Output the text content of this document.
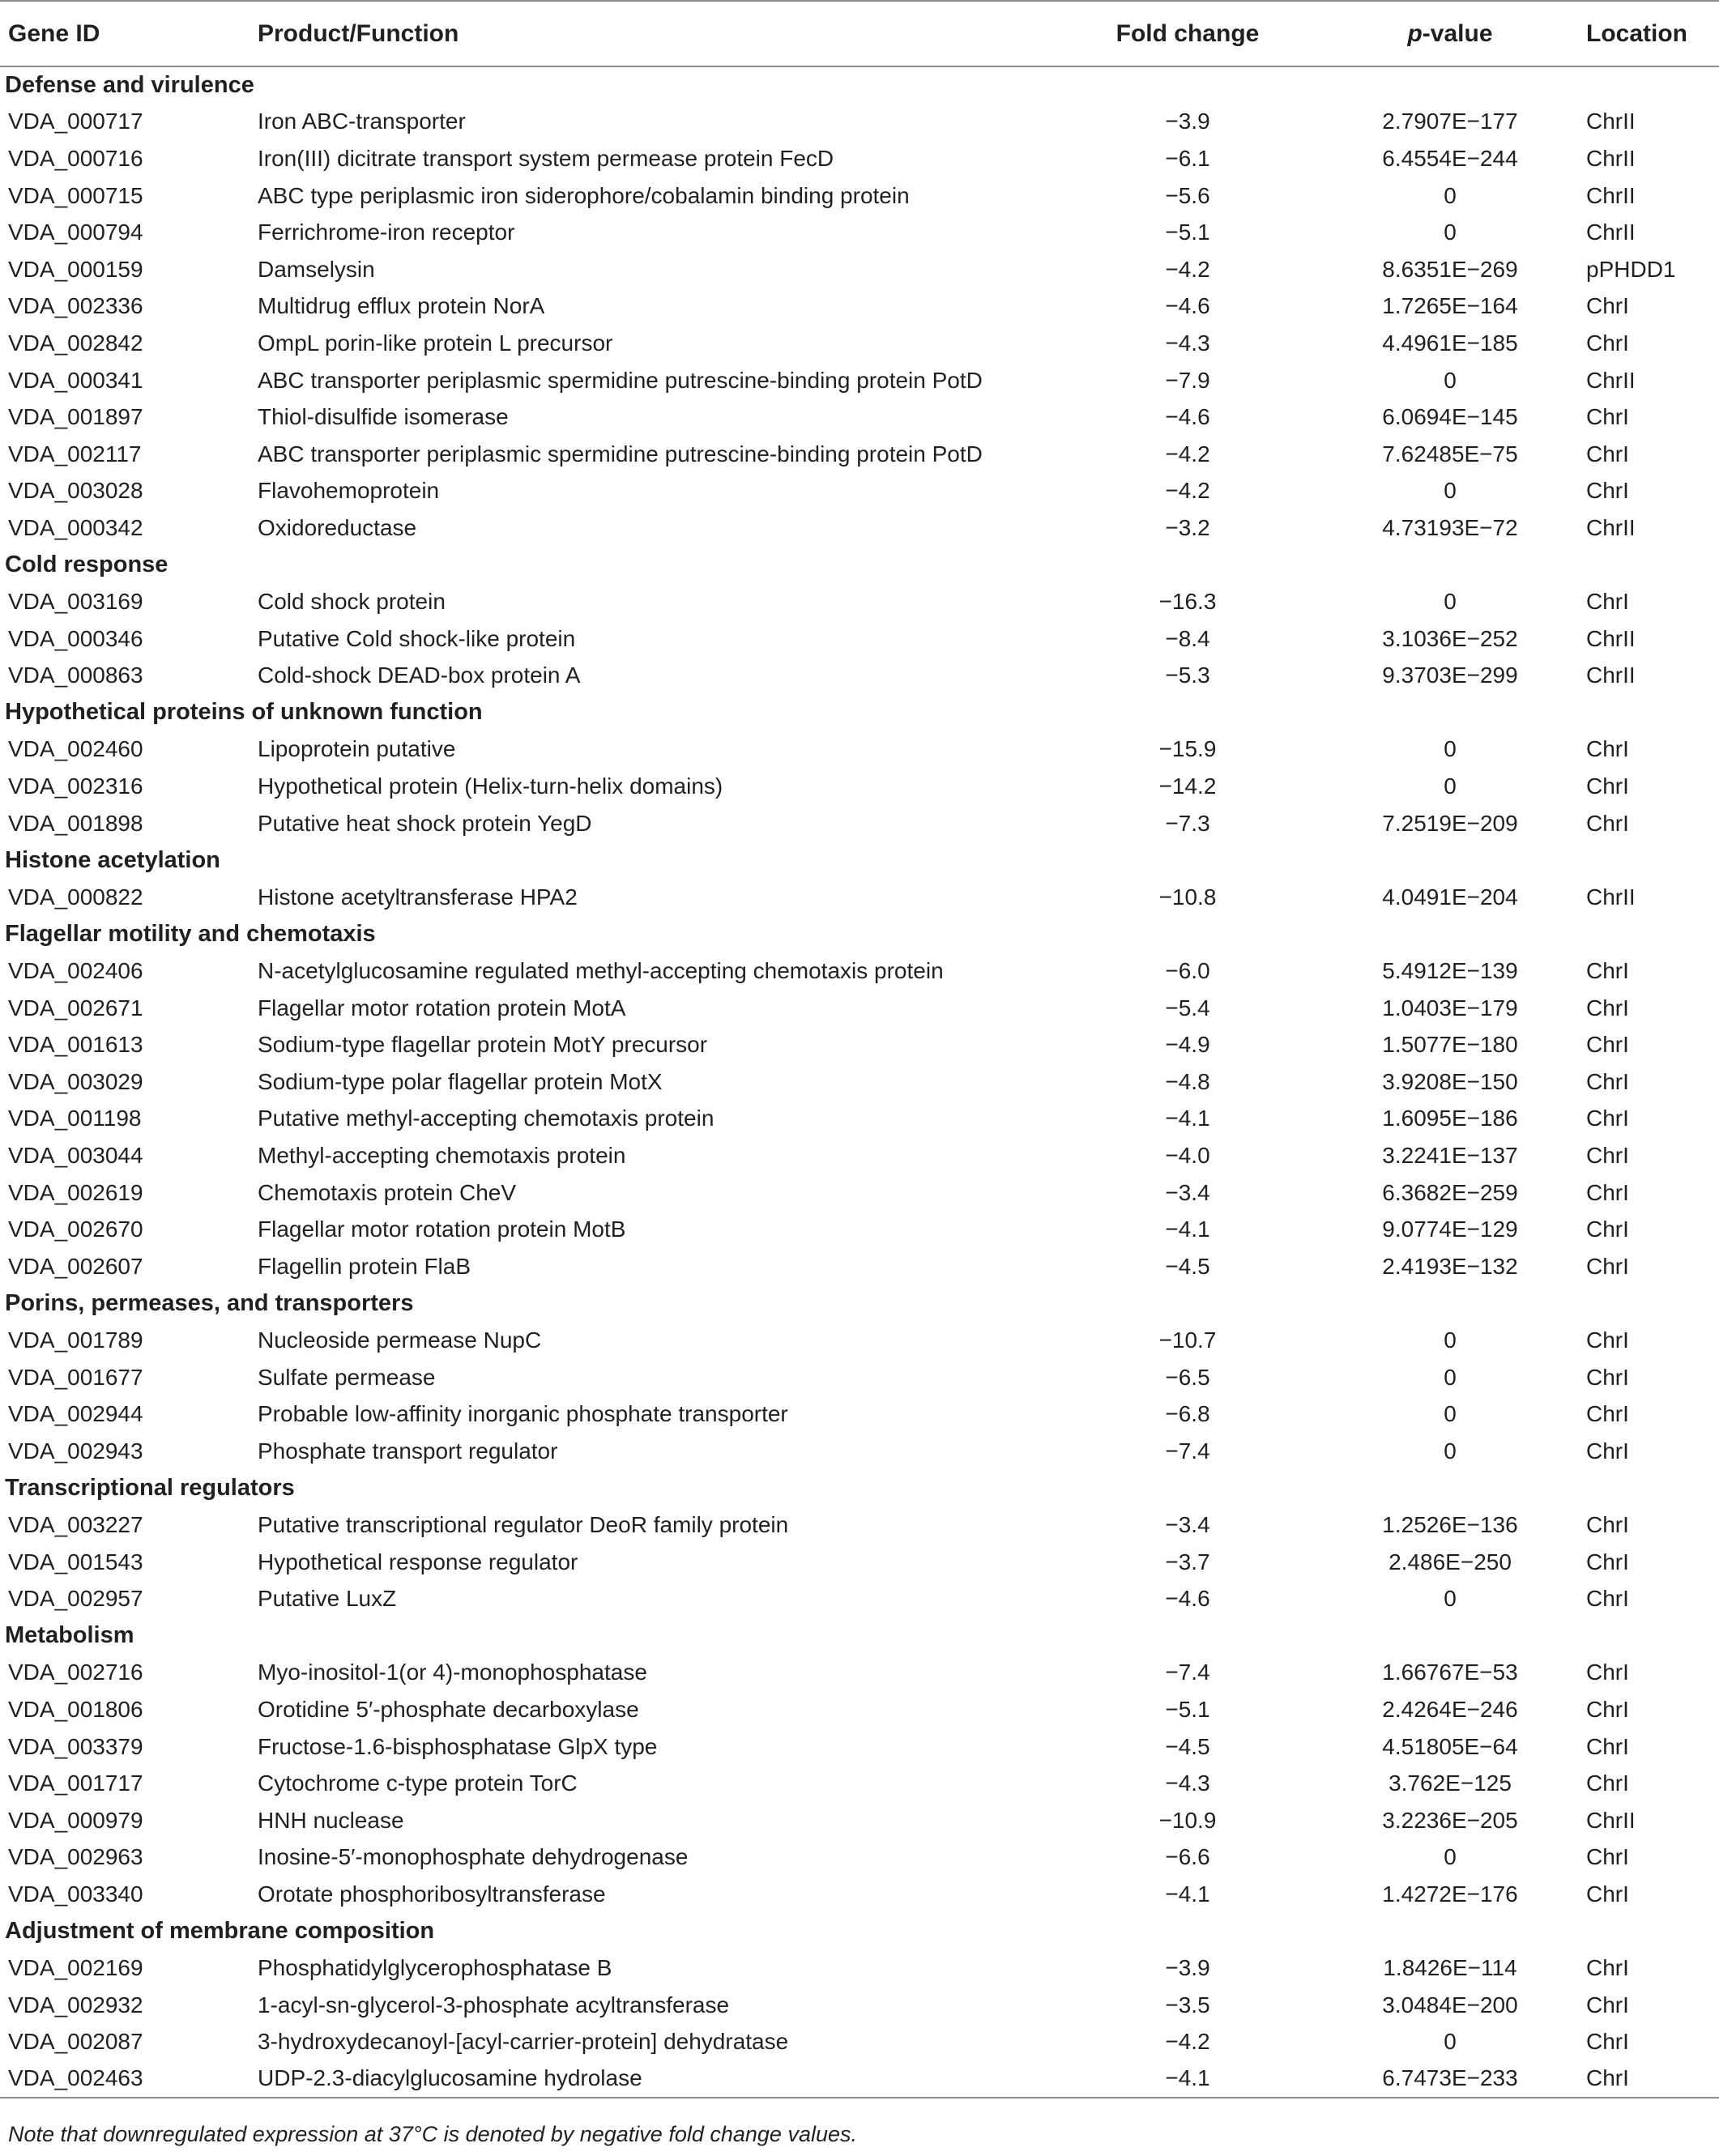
Gene ID	Product/Function	Fold change	p-value	Location
Defense and virulence				
VDA_000717	Iron ABC-transporter	−3.9	2.7907E−177	ChrII
VDA_000716	Iron(III) dicitrate transport system permease protein FecD	−6.1	6.4554E−244	ChrII
VDA_000715	ABC type periplasmic iron siderophore/cobalamin binding protein	−5.6	0	ChrII
VDA_000794	Ferrichrome-iron receptor	−5.1	0	ChrII
VDA_000159	Damselysin	−4.2	8.6351E−269	pPHDD1
VDA_002336	Multidrug efflux protein NorA	−4.6	1.7265E−164	ChrI
VDA_002842	OmpL porin-like protein L precursor	−4.3	4.4961E−185	ChrI
VDA_000341	ABC transporter periplasmic spermidine putrescine-binding protein PotD	−7.9	0	ChrII
VDA_001897	Thiol-disulfide isomerase	−4.6	6.0694E−145	ChrI
VDA_002117	ABC transporter periplasmic spermidine putrescine-binding protein PotD	−4.2	7.62485E−75	ChrI
VDA_003028	Flavohemoprotein	−4.2	0	ChrI
VDA_000342	Oxidoreductase	−3.2	4.73193E−72	ChrII
Cold response				
VDA_003169	Cold shock protein	−16.3	0	ChrI
VDA_000346	Putative Cold shock-like protein	−8.4	3.1036E−252	ChrII
VDA_000863	Cold-shock DEAD-box protein A	−5.3	9.3703E−299	ChrII
Hypothetical proteins of unknown function				
VDA_002460	Lipoprotein putative	−15.9	0	ChrI
VDA_002316	Hypothetical protein (Helix-turn-helix domains)	−14.2	0	ChrI
VDA_001898	Putative heat shock protein YegD	−7.3	7.2519E−209	ChrI
Histone acetylation				
VDA_000822	Histone acetyltransferase HPA2	−10.8	4.0491E−204	ChrII
Flagellar motility and chemotaxis				
VDA_002406	N-acetylglucosamine regulated methyl-accepting chemotaxis protein	−6.0	5.4912E−139	ChrI
VDA_002671	Flagellar motor rotation protein MotA	−5.4	1.0403E−179	ChrI
VDA_001613	Sodium-type flagellar protein MotY precursor	−4.9	1.5077E−180	ChrI
VDA_003029	Sodium-type polar flagellar protein MotX	−4.8	3.9208E−150	ChrI
VDA_001198	Putative methyl-accepting chemotaxis protein	−4.1	1.6095E−186	ChrI
VDA_003044	Methyl-accepting chemotaxis protein	−4.0	3.2241E−137	ChrI
VDA_002619	Chemotaxis protein CheV	−3.4	6.3682E−259	ChrI
VDA_002670	Flagellar motor rotation protein MotB	−4.1	9.0774E−129	ChrI
VDA_002607	Flagellin protein FlaB	−4.5	2.4193E−132	ChrI
Porins, permeases, and transporters				
VDA_001789	Nucleoside permease NupC	−10.7	0	ChrI
VDA_001677	Sulfate permease	−6.5	0	ChrI
VDA_002944	Probable low-affinity inorganic phosphate transporter	−6.8	0	ChrI
VDA_002943	Phosphate transport regulator	−7.4	0	ChrI
Transcriptional regulators				
VDA_003227	Putative transcriptional regulator DeoR family protein	−3.4	1.2526E−136	ChrI
VDA_001543	Hypothetical response regulator	−3.7	2.486E−250	ChrI
VDA_002957	Putative LuxZ	−4.6	0	ChrI
Metabolism				
VDA_002716	Myo-inositol-1(or 4)-monophosphatase	−7.4	1.66767E−53	ChrI
VDA_001806	Orotidine 5′-phosphate decarboxylase	−5.1	2.4264E−246	ChrI
VDA_003379	Fructose-1.6-bisphosphatase GlpX type	−4.5	4.51805E−64	ChrI
VDA_001717	Cytochrome c-type protein TorC	−4.3	3.762E−125	ChrI
VDA_000979	HNH nuclease	−10.9	3.2236E−205	ChrII
VDA_002963	Inosine-5′-monophosphate dehydrogenase	−6.6	0	ChrI
VDA_003340	Orotate phosphoribosyltransferase	−4.1	1.4272E−176	ChrI
Adjustment of membrane composition				
VDA_002169	Phosphatidylglycerophosphatase B	−3.9	1.8426E−114	ChrI
VDA_002932	1-acyl-sn-glycerol-3-phosphate acyltransferase	−3.5	3.0484E−200	ChrI
VDA_002087	3-hydroxydecanoyl-[acyl-carrier-protein] dehydratase	−4.2	0	ChrI
VDA_002463	UDP-2.3-diacylglucosamine hydrolase	−4.1	6.7473E−233	ChrI
Note that downregulated expression at 37°C is denoted by negative fold change values.
